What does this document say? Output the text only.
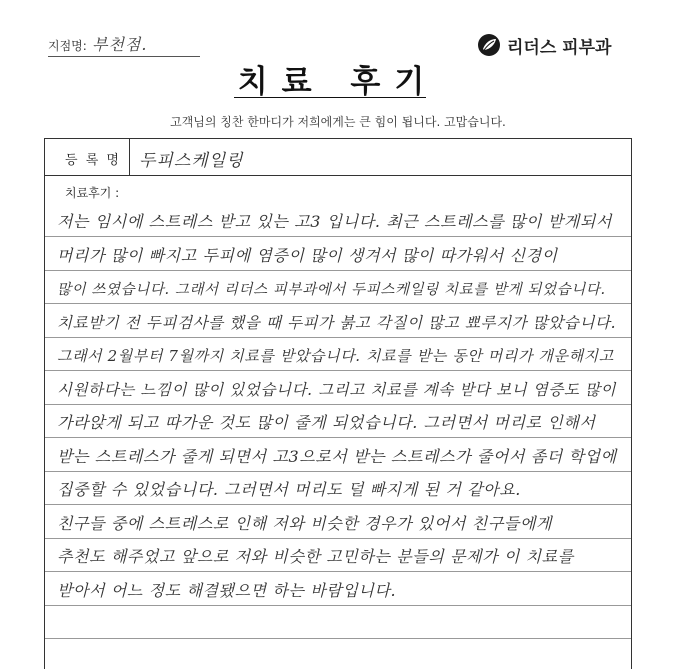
지점명: 부천점.	리더스 피부과
치료 후기
고객님의 칭찬 한마디가 저희에게는 큰 힘이 됩니다. 고맙습니다.
등 록 명 두피스케일링
치료후기 :
저는 임시에 스트레스 받고 있는 고3 입니다. 최근 스트레스를 많이 받게되서
머리가 많이 빠지고 두피에 염증이 많이 생겨서 많이 따가워서 신경이
많이 쓰였습니다. 그래서 리더스 피부과에서 두피스케일링 치료를 받게 되었습니다.
치료받기 전 두피검사를 했을 때 두피가 붉고 각질이 많고 뾰루지가 많았습니다.
그래서 2월부터 7월까지 치료를 받았습니다. 치료를 받는 동안 머리가 개운해지고
시원하다는 느낌이 많이 있었습니다. 그리고 치료를 계속 받다 보니 염증도 많이
가라앉게 되고 따가운 것도 많이 줄게 되었습니다. 그러면서 머리로 인해서
받는 스트레스가 줄게 되면서 고3으로서 받는 스트레스가 줄어서 좀더 학업에
집중할 수 있었습니다. 그러면서 머리도 덜 빠지게 된 거 같아요.
친구들 중에 스트레스로 인해 저와 비슷한 경우가 있어서 친구들에게
추천도 해주었고 앞으로 저와 비슷한 고민하는 분들의 문제가 이 치료를
받아서 어느 정도 해결됐으면 하는 바람입니다.
